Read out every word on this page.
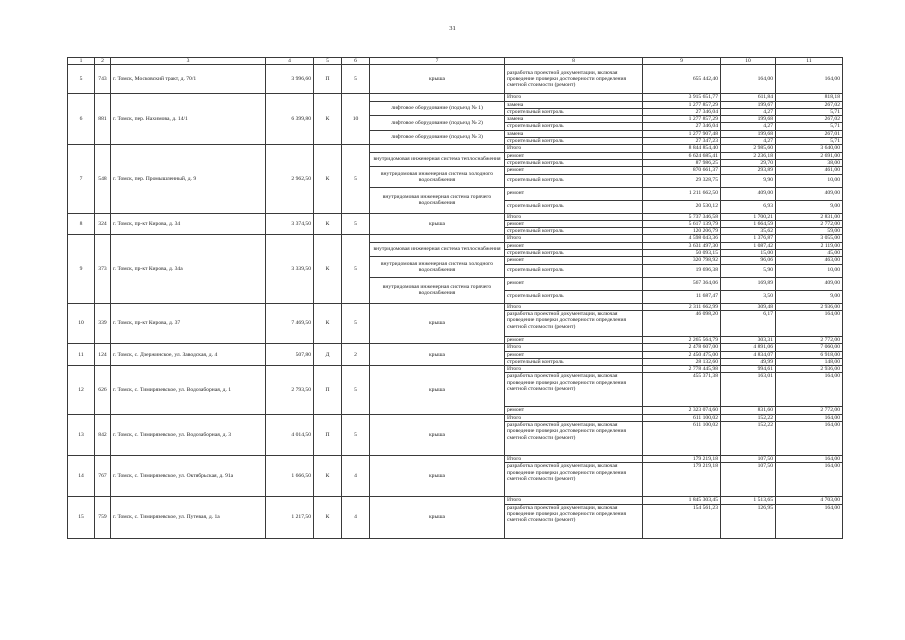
31
1	2	3	4	5	6	7	8	9	10	11
5	743	г. Томск, Московский тракт, д. 70/1	3 996,60	П	5	крыша	разработка проектной документации, включая проведение проверки достоверности определения сметной стоимости (ремонт)	655 442,40	164,00	164,00
6	881	г. Томск, пер. Нахимова, д. 14/1	6 399,80	К	10		Итого	3 915 651,77	611,84	818,18
						лифтовое оборудование (подъезд № 1)	замена	1 277 857,29	199,67	267,02
							строительный контроль	27 346,04	4,27	5,71
						лифтовое оборудование (подъезд № 2)	замена	1 277 857,29	199,68	267,02
							строительный контроль	27 346,04	4,27	5,71
						лифтовое оборудование (подъезд № 3)	замена	1 277 907,48	199,68	267,01
							строительный контроль	27 347,23	4,27	5,71
7	548	г. Томск, пер. Промышленный, д. 9	2 962,50	К	5		Итого	8 844 854,40	2 985,60	3 640,00
						внутридомовая инженерная система теплоснабжения	ремонт	6 624 685,41	2 236,18	2 691,00
							строительный контроль	87 986,25	29,70	38,00
						внутридомовая инженерная система холодного водоснабжения	ремонт	870 661,37	293,89	461,00
							строительный контроль	29 328,75	9,90	10,00
						внутридомовая инженерная система горячего водоснабжения	ремонт	1 211 662,50	409,00	409,00
							строительный контроль	20 530,12	6,93	9,00
8	324	г. Томск, пр-кт Кирова, д. 34	3 374,50	К	5	крыша	Итого	5 737 346,58	1 700,21	2 831,00
							ремонт	5 617 139,79	1 664,59	2 772,00
							строительный контроль	120 206,79	35,62	59,00
9	373	г. Томск, пр-кт Кирова, д. 34а	3 339,50	К	5		Итого	4 598 043,36	1 376,87	3 055,00
						внутридомовая инженерная система теплоснабжения	ремонт	3 631 497,30	1 087,42	2 119,00
							строительный контроль	50 093,15	15,00	45,00
						внутридомовая инженерная система холодного водоснабжения	ремонт	320 798,92	96,06	463,00
							строительный контроль	19 696,38	5,90	10,00
						внутридомовая инженерная система горячего водоснабжения	ремонт	567 364,06	169,89	409,00
							строительный контроль	11 687,47	3,50	9,00
10	339	г. Томск, пр-кт Кирова, д. 37	7 469,50	К	5	крыша	Итого	2 311 662,99	309,48	2 936,00
							разработка проектной документации, включая проведение проверки достоверности определения сметной стоимости (ремонт)	46 098,20	6,17	164,00
							ремонт	2 265 564,79	303,31	2 772,00
11	124	г. Томск, с. Дзержинское, ул. Заводская, д. 4	507,80	Д	2	крыша	Итого	2 478 607,00	4 891,06	7 060,00
							ремонт	2 450 475,00	4 834,07	6 918,00
							строительный контроль	28 132,60	49,99	148,00
12	626	г. Томск, с. Тимирязевское, ул. Водозаборная, д. 1	2 793,50	П	5	крыша	Итого	2 778 445,98	994,61	2 936,00
							разработка проектной документации, включая проведение проверки достоверности определения сметной стоимости (ремонт)	455 371,38	163,01	164,00
							ремонт	2 323 074,60	831,60	2 772,00
13	842	г. Томск, с. Тимирязевское, ул. Водозаборная, д. 3	4 014,50	П	5	крыша	Итого	611 100,02	152,22	164,00
							разработка проектной документации, включая проведение проверки достоверности определения сметной стоимости (ремонт)	611 100,02	152,22	164,00
14	767	г. Томск, с. Тимирязевское, ул. Октябрьская, д. 91а	1 666,50	К	4	крыша	Итого	179 219,18	107,50	164,00
							разработка проектной документации, включая проведение проверки достоверности определения сметной стоимости (ремонт)	179 219,18	107,50	164,00
15	759	г. Томск, с. Тимирязевское, ул. Путевая, д. 1а	1 217,50	К	4	крыша	Итого	1 845 303,45	1 513,65	4 703,00
							разработка проектной документации, включая проведение проверки достоверности определения сметной стоимости (ремонт)	154 561,23	126,95	164,00
